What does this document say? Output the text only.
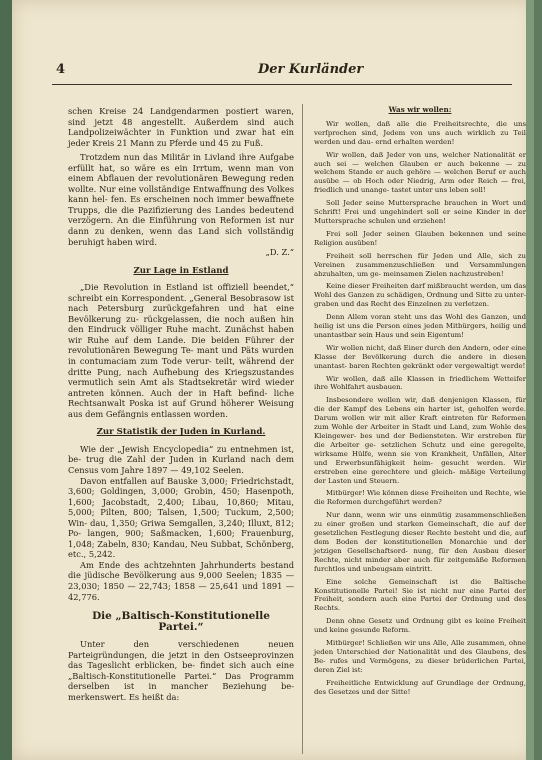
4	Der Kurländer

schen Kreise 24 Landgendarmen postiert waren, sind jetzt 48 angestellt. Außerdem sind auch Landpolizeiwächter in Funktion und zwar hat ein jeder Kreis 21 Mann zu Pferde und 45 zu Fuß.

Trotzdem nun das Militär in Livland ihre Aufgabe erfüllt hat, so wäre es ein Irrtum, wenn man von einem Abflauen der revolutionären Bewegung reden wollte. Nur eine vollständige Entwaffnung des Volkes kann hel- fen. Es erscheinen noch immer bewaffnete Trupps, die die Pazifizierung des Landes bedeutend verzögern. An die Einführung von Reformen ist nur dann zu denken, wenn das Land sich vollständig beruhigt haben wird.

„D. Z.“

Zur Lage in Estland

„Die Revolution in Estland ist offiziell beendet,“ schreibt ein Korrespondent. „General Besobrasow ist nach Petersburg zurückgefahren und hat eine Bevölkerung zu- rückgelassen, die noch außen hin den Eindruck völliger Ruhe macht. Zunächst haben wir Ruhe auf dem Lande. Die beiden Führer der revolutionären Bewegung Te- mant und Päts wurden in contumaciam zum Tode verur- teilt, während der dritte Pung, nach Aufhebung des Kriegszustandes vermutlich sein Amt als Stadtsekretär wird wieder antreten können. Auch der in Haft befind- liche Rechtsanwalt Poska ist auf Grund höherer Weisung aus dem Gefängnis entlassen worden.

Zur Statistik der Juden in Kurland.

Wie der „Jewish Encyclopedia“ zu entnehmen ist, be- trug die Zahl der Juden in Kurland nach dem Census vom Jahre 1897 — 49,102 Seelen.

Davon entfallen auf Bauske 3,000; Friedrichstadt, 3,600; Goldingen, 3,000; Grobin, 450; Hasenpoth, 1,600; Jacobstadt, 2,400; Libau, 10,860; Mitau, 5,000; Pilten, 800; Talsen, 1,500; Tuckum, 2,500; Win- dau, 1,350; Griwa Semgallen, 3,240; Illuxt, 812; Po- langen, 900; Saßmacken, 1,600; Frauenburg, 1,048; Zabeln, 830; Kandau, Neu Subbat, Schönberg, etc., 5,242.

Am Ende des achtzehnten Jahrhunderts bestand die jüdische Bevölkerung aus 9,000 Seelen; 1835 — 23,030; 1850 — 22,743; 1858 — 25,641 und 1891 — 42,776.

Die „Baltisch-Konstitutionelle Partei.“

Unter den verschiedenen neuen Parteigründungen, die jetzt in den Ostseeprovinzen das Tageslicht erblicken, be- findet sich auch eine „Baltisch-Konstitutionelle Partei.“ Das Programm derselben ist in mancher Beziehung be- merkenswert. Es heißt da:

Was wir wollen:

Wir wollen, daß alle die Freiheitsrechte, die uns verſprochen sind, Jedem von uns auch wirklich zu Teil werden und dau- ernd erhalten werden!

Wir wollen, daß Jeder von uns, welcher Nationalität er auch sei — welchen Glauben er auch bekenne — zu welchem Stande er auch gehöre — welchen Beruf er auch ausübe — ob Hoch oder Niedrig, Arm oder Reich — frei, friedlich und unange- tastet unter uns leben soll!

Soll Jeder seine Muttersprache brauchen in Wort und Schrift! Frei und ungehindert soll er seine Kinder in der Muttersprache schulen und erziehen!

Frei soll Jeder seinen Glauben bekennen und seine Religion ausüben!

Freiheit soll herrschen für Jeden und Alle, sich zu Vereinen zusammenzuschließen und Versammlungen abzuhalten, um ge- meinsamen Zielen nachzustreben!

Keine dieser Freiheiten darf mißbraucht werden, um das Wohl des Ganzen zu schädigen, Ordnung und Sitte zu unter- graben und das Recht des Einzelnen zu verletzen.

Denn Allem voran steht uns das Wohl des Ganzen, und heilig ist uns die Person eines jeden Mitbürgers, heilig und unantastbar sein Haus und sein Eigentum!

Wir wollen nicht, daß Einer durch den Andern, oder eine Klasse der Bevölkerung durch die andere in diesen unantast- baren Rechten gekränkt oder vergewaltigt werde!

Wir wollen, daß alle Klassen in friedlichem Wetteifer ihre Wohlfahrt ausbauen.

Insbesondere wollen wir, daß denjenigen Klassen, für die der Kampf des Lebens ein harter ist, geholfen werde. Darum wollen wir mit aller Kraft eintreten für Reformen zum Wohle der Arbeiter in Stadt und Land, zum Wohle des Kleingewer- bes und der Bediensteten. Wir erstreben für die Arbeiter ge- setzlichen Schutz und eine geregelte, wirksame Hülfe, wenn sie von Krankheit, Unfällen, Alter und Erwerbsunfähigkeit heim- gesucht werden. Wir erstreben eine gerechtere und gleich- mäßige Verteilung der Lasten und Steuern.

Mitbürger! Wie können diese Freiheiten und Rechte, wie die Reformen durchgeführt werden?

Nur dann, wenn wir uns einmütig zusammenschließen zu einer großen und starken Gemeinschaft, die auf der gesetzlichen Festlegung dieser Rechte besteht und die, auf dem Boden der konstitutionellen Monarchie und der jetzigen Gesellschaftsord- nung, für den Ausbau dieser Rechte, nicht minder aber auch für zeitgemäße Reformen furchtlos und unbeugsam eintritt.

Eine solche Gemeinschaft ist die Baltische Konstitutionelle Partei! Sie ist nicht nur eine Partei der Freiheit, sondern auch eine Partei der Ordnung und des Rechts.

Denn ohne Gesetz und Ordnung gibt es keine Freiheit und keine gesunde Reform.

Mitbürger! Schließen wir uns Alle, Alle zusammen, ohne jeden Unterschied der Nationalität und des Glaubens, des Be- rufes und Vermögens, zu dieser brüderlichen Partei, deren Ziel ist:

Freiheitliche Entwicklung auf Grundlage der Ordnung, des Gesetzes und der Sitte!
